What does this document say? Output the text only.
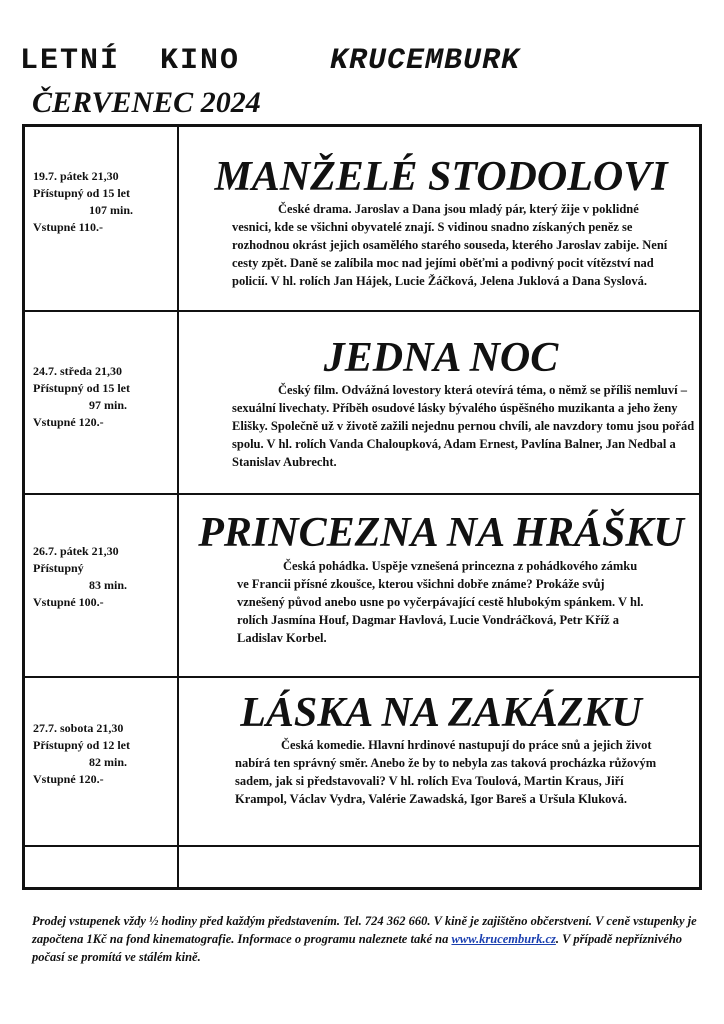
LETNÍ  KINO	KRUCEMBURK
ČERVENEC 2024
19.7. pátek 21,30
Přístupný od 15 let
107 min.
Vstupné 110.-
MANŽELÉ STODOLOVI
České drama. Jaroslav a Dana jsou mladý pár, který žije v poklidné vesnici, kde se všichni obyvatelé znají. S vidinou snadno získaných peněz se rozhodnou okrást jejich osamělého starého souseda, kterého Jaroslav zabije. Není cesty zpět. Daně se zalíbila moc nad jejími oběťmi a podivný pocit vítězství nad policií. V hl. rolích Jan Hájek, Lucie Žáčková, Jelena Juklová a Dana Syslová.
24.7. středa 21,30
Přístupný od 15 let
97 min.
Vstupné 120.-
JEDNA NOC
Český film. Odvážná lovestory která otevírá téma, o němž se příliš nemluví – sexuální livechaty. Příběh osudové lásky bývalého úspěšného muzikanta a jeho ženy Elišky. Společně už v životě zažili nejednu pernou chvíli, ale navzdory tomu jsou pořád spolu. V hl. rolích Vanda Chaloupková, Adam Ernest, Pavlína Balner, Jan Nedbal a Stanislav Aubrecht.
26.7. pátek 21,30
Přístupný
83 min.
Vstupné 100.-
PRINCEZNA NA HRÁŠKU
Česká pohádka. Uspěje vznešená princezna z pohádkového zámku ve Francii přísné zkoušce, kterou všichni dobře známe? Prokáže svůj vznešený původ anebo usne po vyčerpávající cestě hlubokým spánkem. V hl. rolích Jasmína Houf, Dagmar Havlová, Lucie Vondráčková, Petr Kříž a Ladislav Korbel.
27.7. sobota 21,30
Přístupný od 12 let
82 min.
Vstupné 120.-
LÁSKA NA ZAKÁZKU
Česká komedie. Hlavní hrdinové nastupují do práce snů a jejich život nabírá ten správný směr. Anebo že by to nebyla zas taková procházka růžovým sadem, jak si představovali? V hl. rolích Eva Toulová, Martin Kraus, Jiří Krampol, Václav Vydra, Valérie Zawadská, Igor Bareš a Uršula Kluková.
Prodej vstupenek vždy ½ hodiny před každým představením. Tel. 724 362 660. V kině je zajištěno občerstvení. V ceně vstupenky je započtena 1Kč na fond kinematografie. Informace o programu naleznete také na www.krucemburk.cz. V případě nepříznivého počasí se promítá ve stálém kině.
